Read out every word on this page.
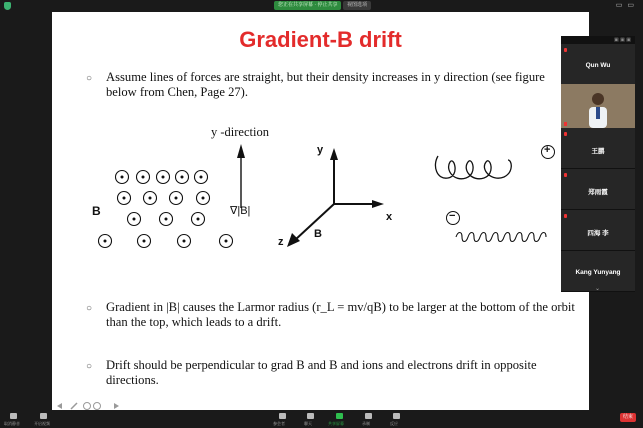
您正在共享屏幕 · 停止共享	视图选项	▭▭
Gradient-B drift
○ Assume lines of forces are straight, but their density increases in y direction (see figure below from Chen, Page 27).
y -direction
B	∇|B|
y
x
z
B
+
−
○ Gradient in |B| causes the Larmor radius (r_L = mv/qB) to be larger at the bottom of the orbit than the top, which leads to a drift.
○ Drift should be perpendicular to grad B and B and ions and electrons drift in opposite directions.
▣ ▣ ▣
Qun Wu
王鹏
郑雨霞
四海 李
Kang Yunyang
⌄
取消静音	开启视频	参会者	聊天	共享屏幕	录制	反应
结束
